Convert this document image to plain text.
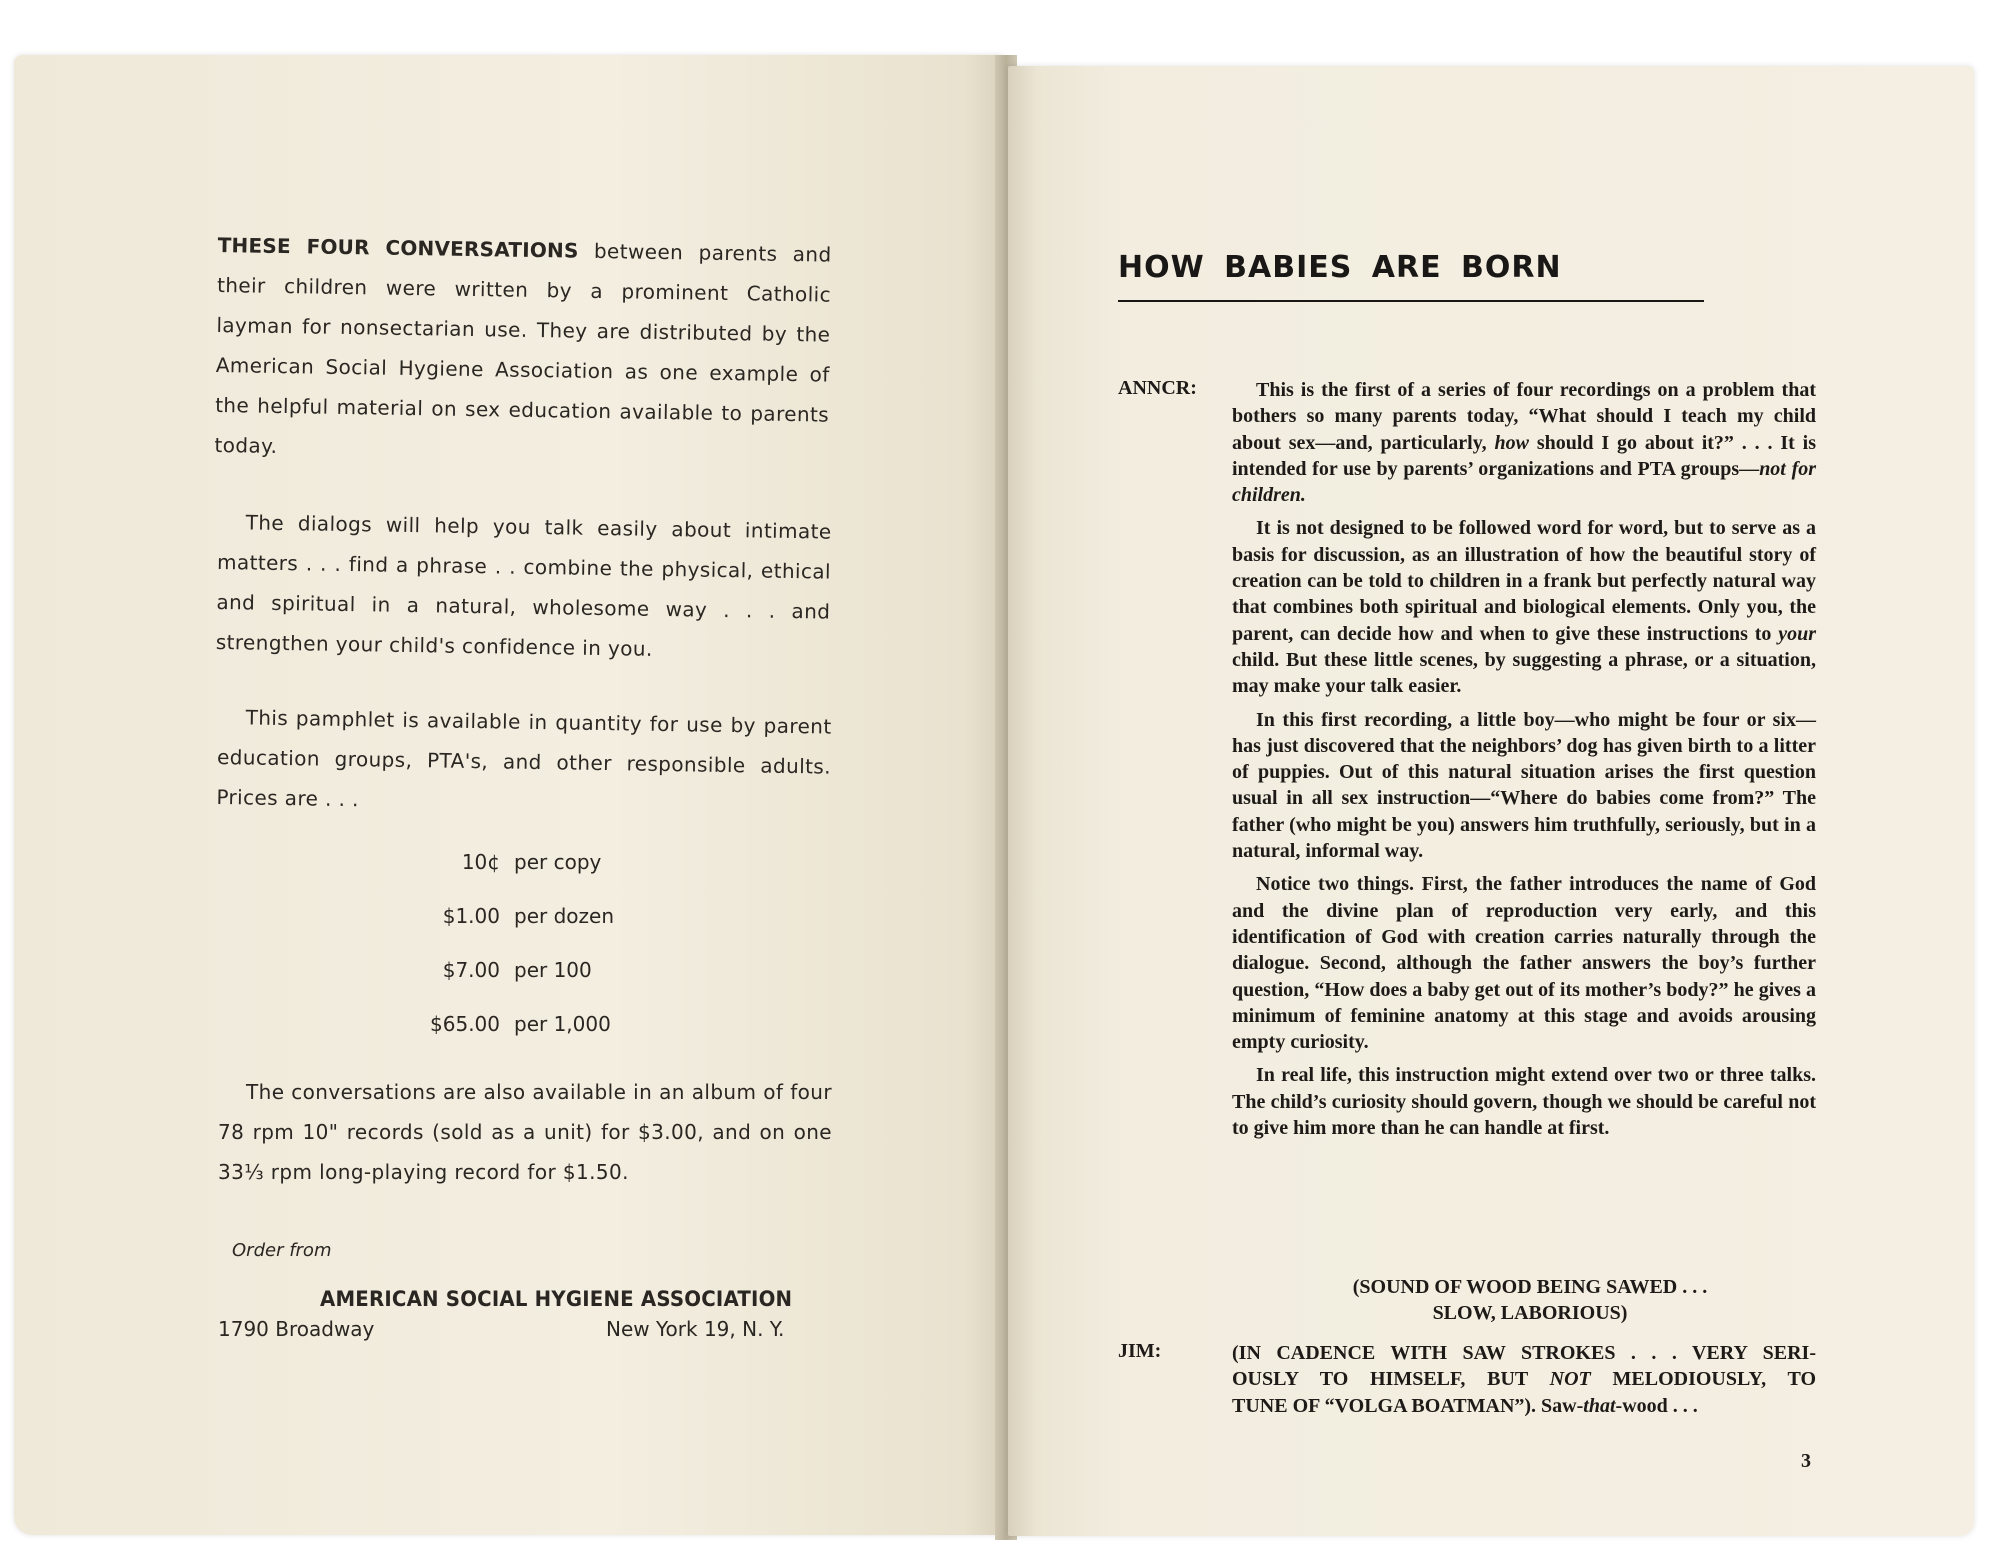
THESE FOUR CONVERSATIONS between parents and their children were written by a prominent Catholic layman for nonsectarian use. They are distributed by the American Social Hygiene Association as one example of the helpful material on sex education available to parents today.

The dialogs will help you talk easily about intimate matters . . . find a phrase . . combine the physical, ethical and spiritual in a natural, wholesome way . . . and strengthen your child's confidence in you.

This pamphlet is available in quantity for use by parent education groups, PTA's, and other responsible adults. Prices are . . .

10¢ per copy
$1.00 per dozen
$7.00 per 100
$65.00 per 1,000

The conversations are also available in an album of four 78 rpm 10" records (sold as a unit) for $3.00, and on one 33⅓ rpm long-playing record for $1.50.

Order from
AMERICAN SOCIAL HYGIENE ASSOCIATION
1790 Broadway	New York 19, N. Y.
HOW BABIES ARE BORN
ANNCR:	This is the first of a series of four recordings on a problem that bothers so many parents today, “What should I teach my child about sex—and, particularly, how should I go about it?” . . . It is intended for use by parents’ organizations and PTA groups—not for children.

It is not designed to be followed word for word, but to serve as a basis for discussion, as an illustration of how the beautiful story of creation can be told to children in a frank but perfectly natural way that combines both spiritual and biological elements. Only you, the parent, can decide how and when to give these instructions to your child. But these little scenes, by suggesting a phrase, or a situation, may make your talk easier.

In this first recording, a little boy—who might be four or six—has just discovered that the neighbors’ dog has given birth to a litter of puppies. Out of this natural situation arises the first question usual in all sex instruction—“Where do babies come from?” The father (who might be you) answers him truthfully, seriously, but in a natural, informal way.

Notice two things. First, the father introduces the name of God and the divine plan of reproduction very early, and this identification of God with creation carries naturally through the dialogue. Second, although the father answers the boy’s further question, “How does a baby get out of its mother’s body?” he gives a minimum of feminine anatomy at this stage and avoids arousing empty curiosity.

In real life, this instruction might extend over two or three talks. The child’s curiosity should govern, though we should be careful not to give him more than he can handle at first.

(SOUND OF WOOD BEING SAWED . . .
SLOW, LABORIOUS)
JIM:	(IN CADENCE WITH SAW STROKES . . . VERY SERI-
OUSLY TO HIMSELF, BUT NOT MELODIOUSLY, TO
TUNE OF “VOLGA BOATMAN”). Saw-that-wood . . .
3
